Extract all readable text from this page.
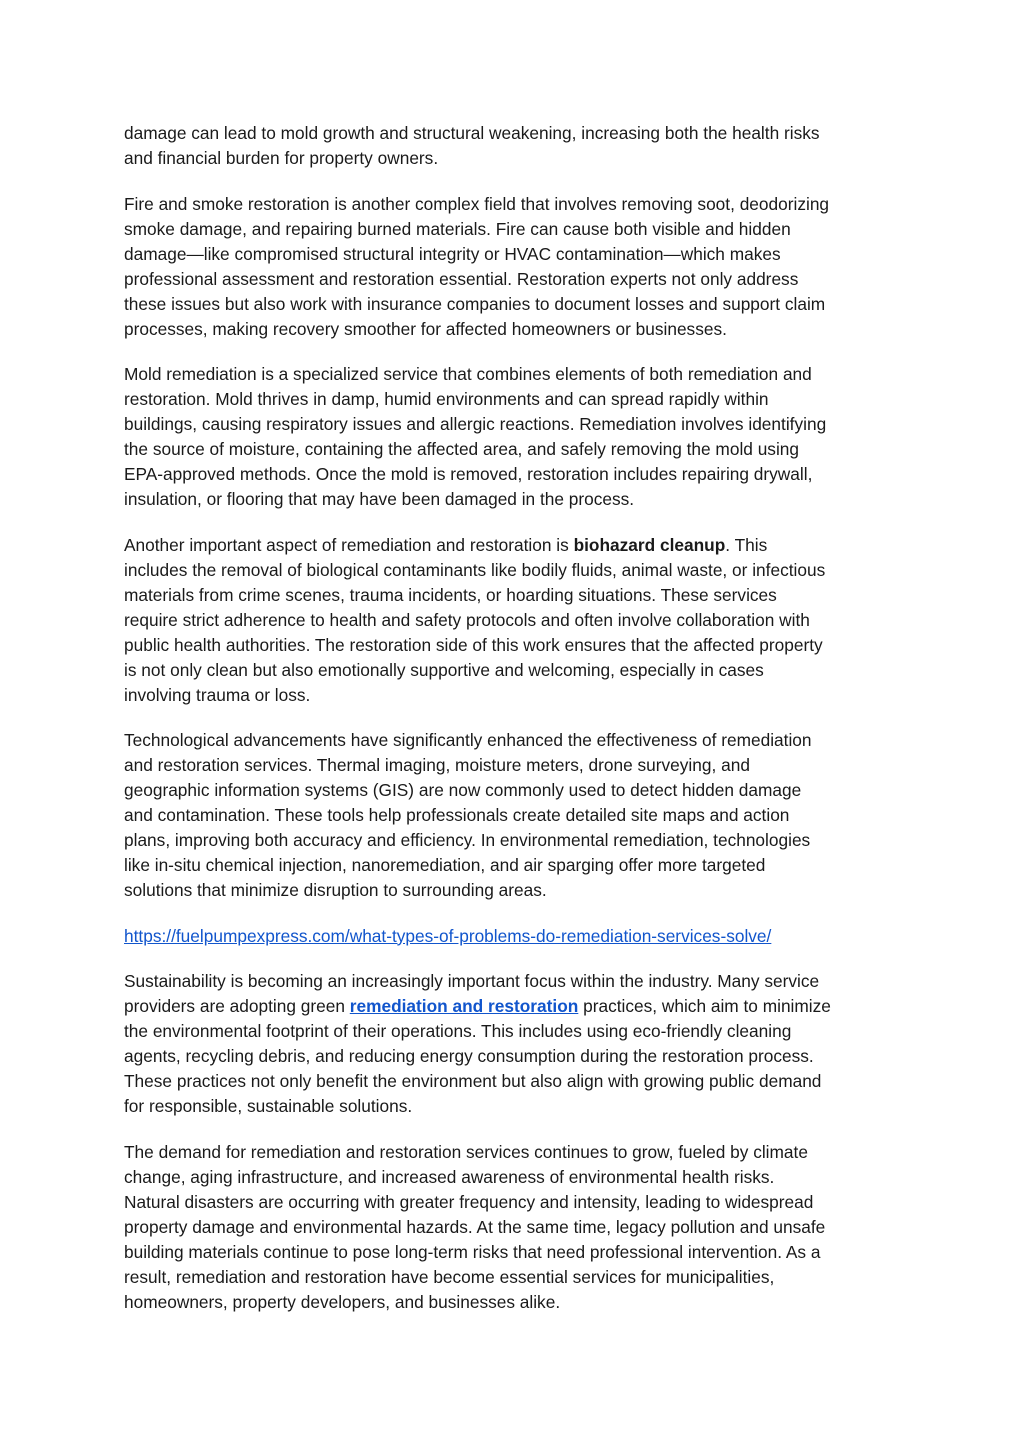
damage can lead to mold growth and structural weakening, increasing both the health risks
and financial burden for property owners.

Fire and smoke restoration is another complex field that involves removing soot, deodorizing
smoke damage, and repairing burned materials. Fire can cause both visible and hidden
damage—like compromised structural integrity or HVAC contamination—which makes
professional assessment and restoration essential. Restoration experts not only address
these issues but also work with insurance companies to document losses and support claim
processes, making recovery smoother for affected homeowners or businesses.

Mold remediation is a specialized service that combines elements of both remediation and
restoration. Mold thrives in damp, humid environments and can spread rapidly within
buildings, causing respiratory issues and allergic reactions. Remediation involves identifying
the source of moisture, containing the affected area, and safely removing the mold using
EPA-approved methods. Once the mold is removed, restoration includes repairing drywall,
insulation, or flooring that may have been damaged in the process.

Another important aspect of remediation and restoration is biohazard cleanup. This
includes the removal of biological contaminants like bodily fluids, animal waste, or infectious
materials from crime scenes, trauma incidents, or hoarding situations. These services
require strict adherence to health and safety protocols and often involve collaboration with
public health authorities. The restoration side of this work ensures that the affected property
is not only clean but also emotionally supportive and welcoming, especially in cases
involving trauma or loss.

Technological advancements have significantly enhanced the effectiveness of remediation
and restoration services. Thermal imaging, moisture meters, drone surveying, and
geographic information systems (GIS) are now commonly used to detect hidden damage
and contamination. These tools help professionals create detailed site maps and action
plans, improving both accuracy and efficiency. In environmental remediation, technologies
like in-situ chemical injection, nanoremediation, and air sparging offer more targeted
solutions that minimize disruption to surrounding areas.

https://fuelpumpexpress.com/what-types-of-problems-do-remediation-services-solve/

Sustainability is becoming an increasingly important focus within the industry. Many service
providers are adopting green remediation and restoration practices, which aim to minimize
the environmental footprint of their operations. This includes using eco-friendly cleaning
agents, recycling debris, and reducing energy consumption during the restoration process.
These practices not only benefit the environment but also align with growing public demand
for responsible, sustainable solutions.

The demand for remediation and restoration services continues to grow, fueled by climate
change, aging infrastructure, and increased awareness of environmental health risks.
Natural disasters are occurring with greater frequency and intensity, leading to widespread
property damage and environmental hazards. At the same time, legacy pollution and unsafe
building materials continue to pose long-term risks that need professional intervention. As a
result, remediation and restoration have become essential services for municipalities,
homeowners, property developers, and businesses alike.
